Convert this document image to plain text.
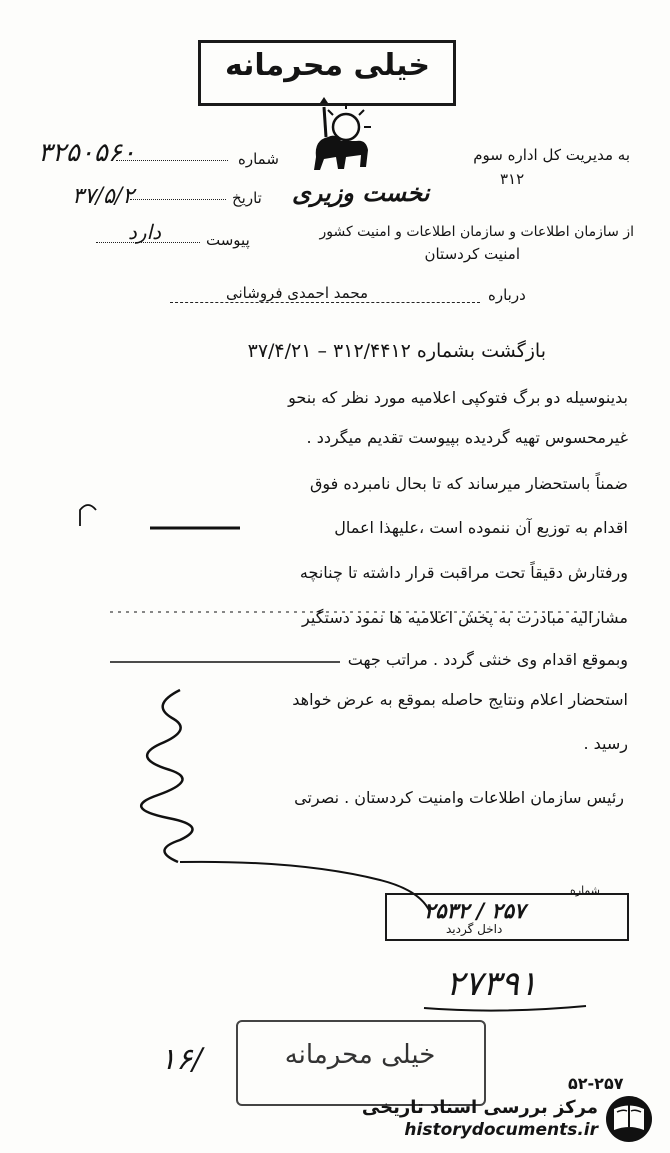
خیلی محرمانه
به مدیریت کل اداره سوم
۳۱۲
نخست وزیری
از سازمان اطلاعات و سازمان اطلاعات و امنیت کشور
امنیت کردستان
شماره
۳۲۵۰۵۶۰
تاریخ
۳۷/۵/۲
پیوست
دارد
درباره
محمد احمدی فروشانی
بازگشت بشماره ۳۱۲/۴۴۱۲ – ۳۷/۴/۲۱
بدینوسیله دو برگ فتوکپی اعلامیه مورد نظر که بنحو
غیرمحسوس تهیه گردیده بپیوست تقدیم میگردد .
ضمناً باستحضار میرساند که تا بحال نامبرده فوق
اقدام به توزیع آن ننموده است ،علیهذا اعمال
ورفتارش دقیقاً تحت مراقبت قرار داشته تا چنانچه
مشارالیه مبادرت به پخش اعلامیه ها نمود دستگیر
وبموقع اقدام وی خنثی گردد . مراتب جهت
استحضار اعلام ونتایج حاصله بموقع به عرض خواهد
رسید .
رئیس سازمان اطلاعات وامنیت کردستان . نصرتی
شماره
۲۵۳۲ / ۲۵۷
داخل گردید
۲۷۳۹۱
خیلی محرمانه
۱۶/
۵۲-۲۵۷
مرکز بررسی اسناد تاریخی
historydocuments.ir
